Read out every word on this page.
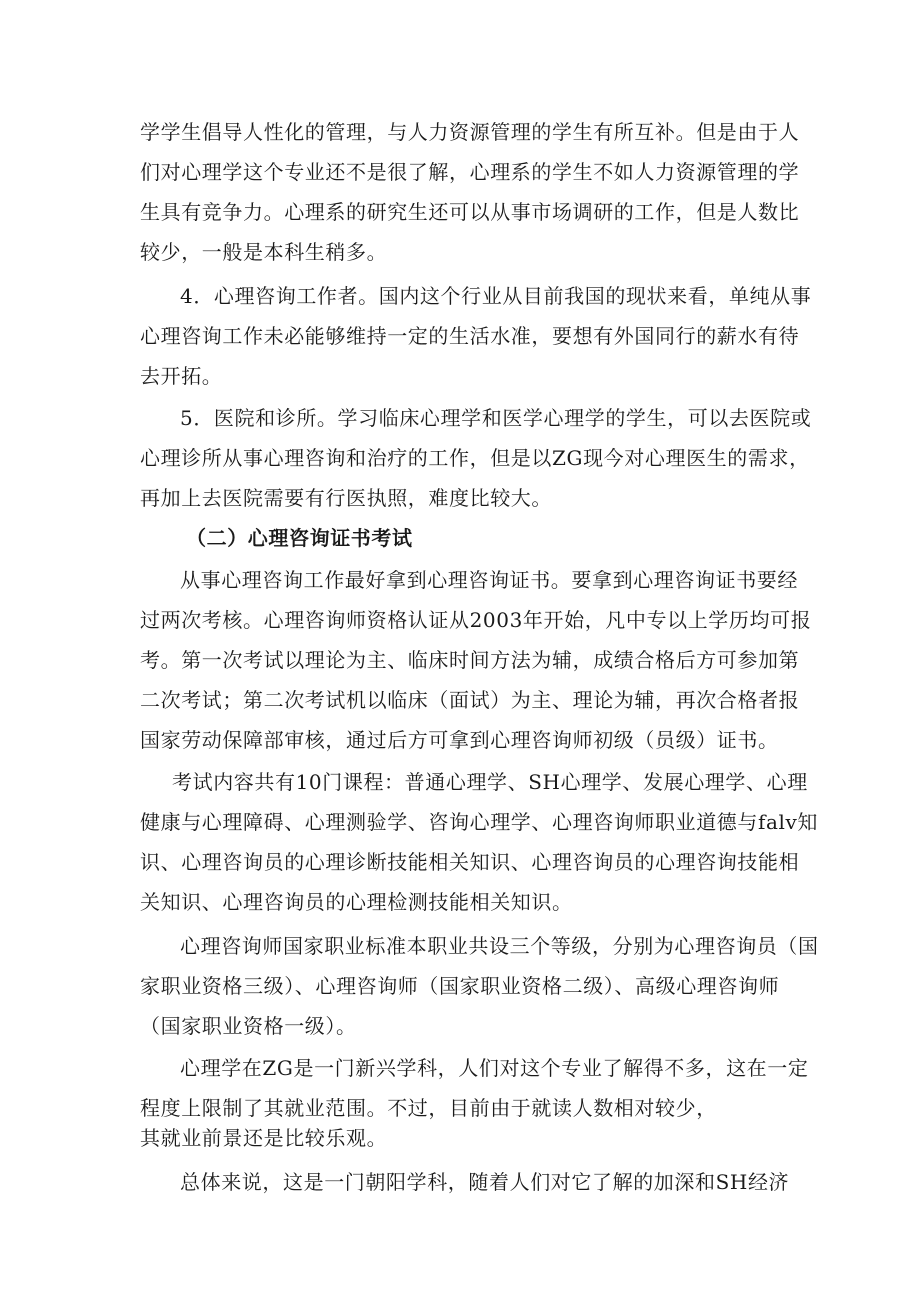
学学生倡导人性化的管理，与人力资源管理的学生有所互补。但是由于人
们对心理学这个专业还不是很了解，心理系的学生不如人力资源管理的学
生具有竞争力。心理系的研究生还可以从事市场调研的工作，但是人数比
较少，一般是本科生稍多。
4．心理咨询工作者。国内这个行业从目前我国的现状来看，单纯从事
心理咨询工作未必能够维持一定的生活水准，要想有外国同行的薪水有待
去开拓。
5．医院和诊所。学习临床心理学和医学心理学的学生，可以去医院或
心理诊所从事心理咨询和治疗的工作，但是以ZG现今对心理医生的需求，
再加上去医院需要有行医执照，难度比较大。
（二）心理咨询证书考试
从事心理咨询工作最好拿到心理咨询证书。要拿到心理咨询证书要经
过两次考核。心理咨询师资格认证从2003年开始，凡中专以上学历均可报
考。第一次考试以理论为主、临床时间方法为辅，成绩合格后方可参加第
二次考试；第二次考试机以临床（面试）为主、理论为辅，再次合格者报
国家劳动保障部审核，通过后方可拿到心理咨询师初级（员级）证书。
考试内容共有10门课程：普通心理学、SH心理学、发展心理学、心理
健康与心理障碍、心理测验学、咨询心理学、心理咨询师职业道德与falv知
识、心理咨询员的心理诊断技能相关知识、心理咨询员的心理咨询技能相
关知识、心理咨询员的心理检测技能相关知识。
心理咨询师国家职业标准本职业共设三个等级，分别为心理咨询员（国
家职业资格三级）、心理咨询师（国家职业资格二级）、高级心理咨询师
（国家职业资格一级）。
心理学在ZG是一门新兴学科，人们对这个专业了解得不多，这在一定
程度上限制了其就业范围。不过，目前由于就读人数相对较少，
其就业前景还是比较乐观。
总体来说，这是一门朝阳学科，随着人们对它了解的加深和SH经济
